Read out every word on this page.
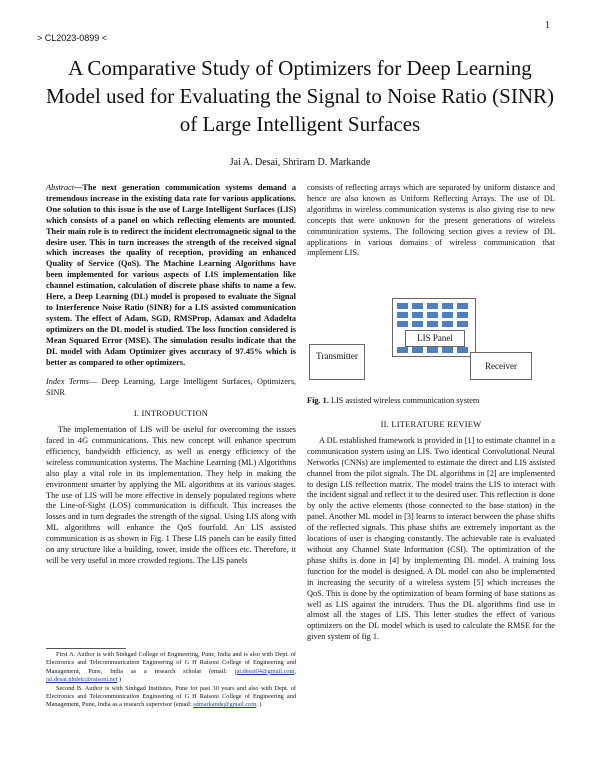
1
> CL2023-0899 <
A Comparative Study of Optimizers for Deep Learning Model used for Evaluating the Signal to Noise Ratio (SINR) of Large Intelligent Surfaces
Jai A. Desai, Shriram D. Markande

Abstract—The next generation communication systems demand a tremendous increase in the existing data rate for various applications. One solution to this issue is the use of Large Intelligent Surfaces (LIS) which consists of a panel on which reflecting elements are mounted. Their main role is to redirect the incident electromagnetic signal to the desire user. This in turn increases the strength of the received signal which increases the quality of reception, providing an enhanced Quality of Service (QoS). The Machine Learning Algorithms have been implemented for various aspects of LIS implementation like channel estimation, calculation of discrete phase shifts to name a few. Here, a Deep Learning (DL) model is proposed to evaluate the Signal to Interference Noise Ratio (SINR) for a LIS assisted communication system. The effect of Adam, SGD, RMSProp, Adamax and Adadelta optimizers on the DL model is studied. The loss function considered is Mean Squared Error (MSE). The simulation results indicate that the DL model with Adam Optimizer gives accuracy of 97.45% which is better as compared to other optimizers.

Index Terms— Deep Learning, Large Intelligent Surfaces, Optimizers, SINR

I. INTRODUCTION

The implementation of LIS will be useful for overcoming the issues faced in 4G communications. This new concept will enhance spectrum efficiency, bandwidth efficiency, as well as energy efficiency of the wireless communication systems. The Machine Learning (ML) Algorithms also play a vital role in its implementation. They help in making the environment smarter by applying the ML algorithms at its various stages. The use of LIS will be more effective in densely populated regions where the Line-of-Sight (LOS) communication is difficult. This increases the losses and in turn degrades the strength of the signal. Using LIS along with ML algorithms will enhance the QoS fourfold. An LIS assisted communication is as shown in Fig. 1 These LIS panels can be easily fitted on any structure like a building, tower, inside the offices etc. Therefore, it will be very useful in more crowded regions. The LIS panels

First A. Author is with Sinhgad College of Engineering, Pune, India and is also with Dept. of Electronics and Telecommunication Engineering of G H Raisoni College of Engineering and Management, Pune, India as a research scholar (email: jai.desai04@gmail.com, jai.desai.phdetc@raisoni.net )

Second B. Author is with Sinhgad Institutes, Pune for past 30 years and also with Dept. of Electronics and Telecommunication Engineering of G H Raisoni College of Engineering and Management, Pune, India as a research supervisor (email: sdmarkande@gmail.com. )

consists of reflecting arrays which are separated by uniform distance and hence are also known as Uniform Reflecting Arrays. The use of DL algorithms in wireless communication systems is also giving rise to new concepts that were unknown for the present generations of wireless communication systems. The following section gives a review of DL applications in various domains of wireless communication that implement LIS.

LIS Panel
Transmitter
Receiver
Fig. 1. LIS assisted wireless communication system
II. LITERATURE REVIEW

A DL established framework is provided in [1] to estimate channel in a communication system using an LIS. Two identical Convolutional Neural Networks (CNNs) are implemented to estimate the direct and LIS assisted channel from the pilot signals. The DL algorithms in [2] are implemented to design LIS reflection matrix. The model trains the LIS to interact with the incident signal and reflect it to the desired user. This reflection is done by only the active elements (those connected to the base station) in the panel. Another ML model in [3] learns to interact between the phase shifts of the reflected signals. This phase shifts are extremely important as the locations of user is changing constantly. The achievable rate is evaluated without any Channel State Information (CSI). The optimization of the phase shifts is done in [4] by implementing DL model. A training loss function for the model is designed. A DL model can also be implemented in increasing the security of a wireless system [5] which increases the QoS. This is done by the optimization of beam forming of base stations as well as LIS against the intruders. Thus the DL algorithms find use in almost all the stages of LIS. This letter studies the effect of various optimizers on the DL model which is used to calculate the RMSE for the given system of fig 1.
